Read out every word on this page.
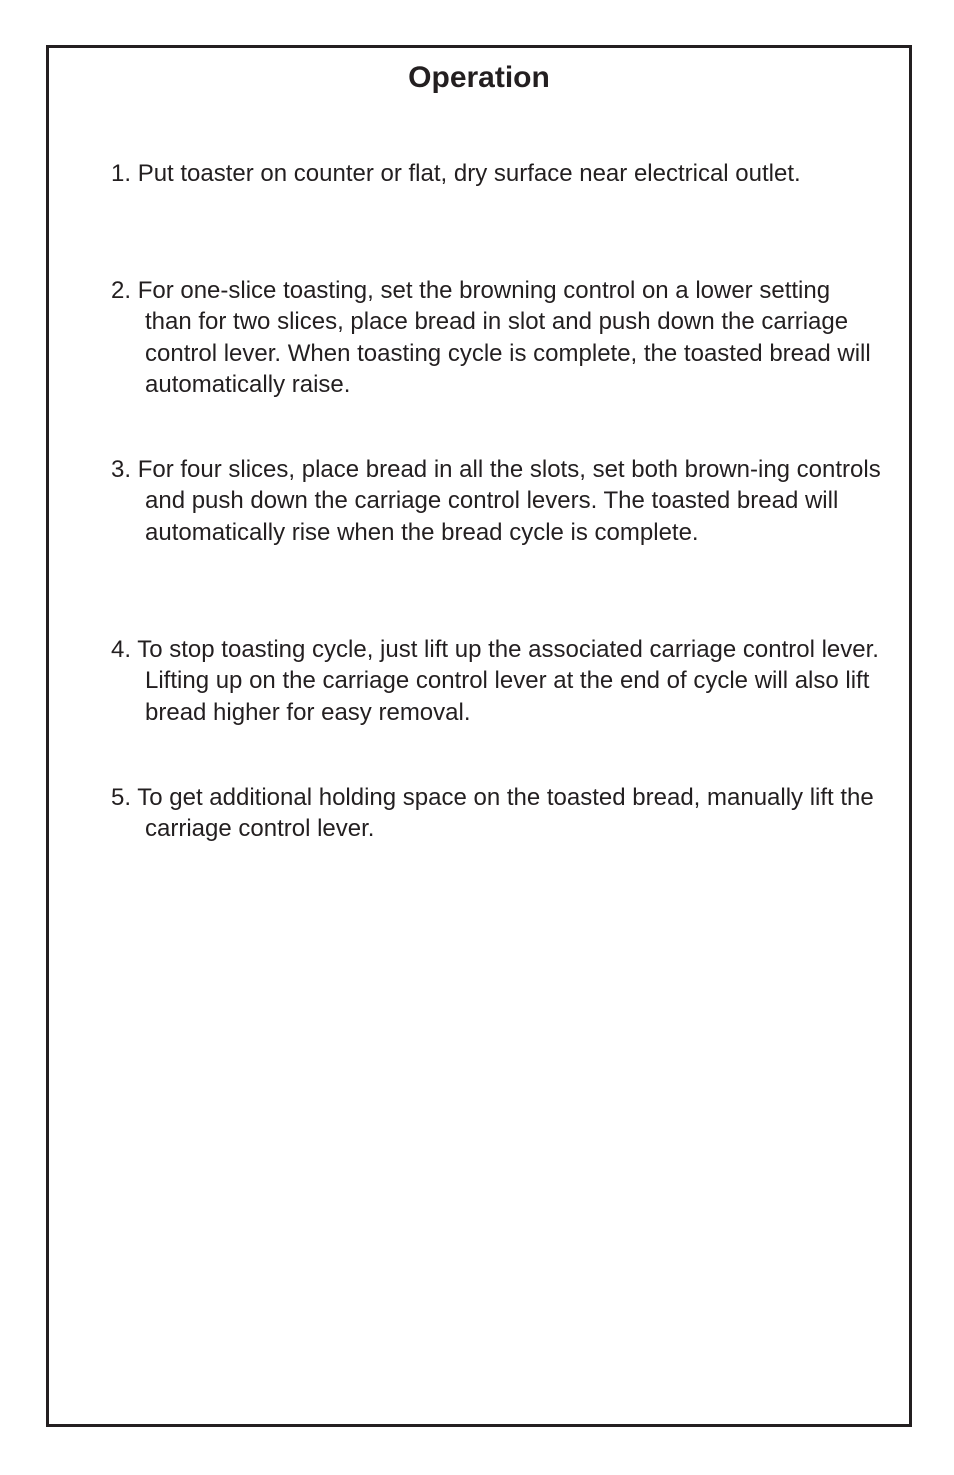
Operation
1. Put toaster on counter or flat, dry surface near electrical outlet.
2. For one-slice toasting, set the browning control on a lower setting than for two slices, place bread in slot and push down the carriage control lever. When toasting cycle is complete, the toasted bread will automatically raise.
3. For four slices, place bread in all the slots, set both brown-ing controls and push down the carriage control levers. The toasted bread will automatically rise when the bread cycle is complete.
4. To stop toasting cycle, just lift up the associated carriage control lever. Lifting up on the carriage control lever at the end of cycle will also lift bread higher for easy removal.
5. To get additional holding space on the toasted bread, manually lift the carriage control lever.
